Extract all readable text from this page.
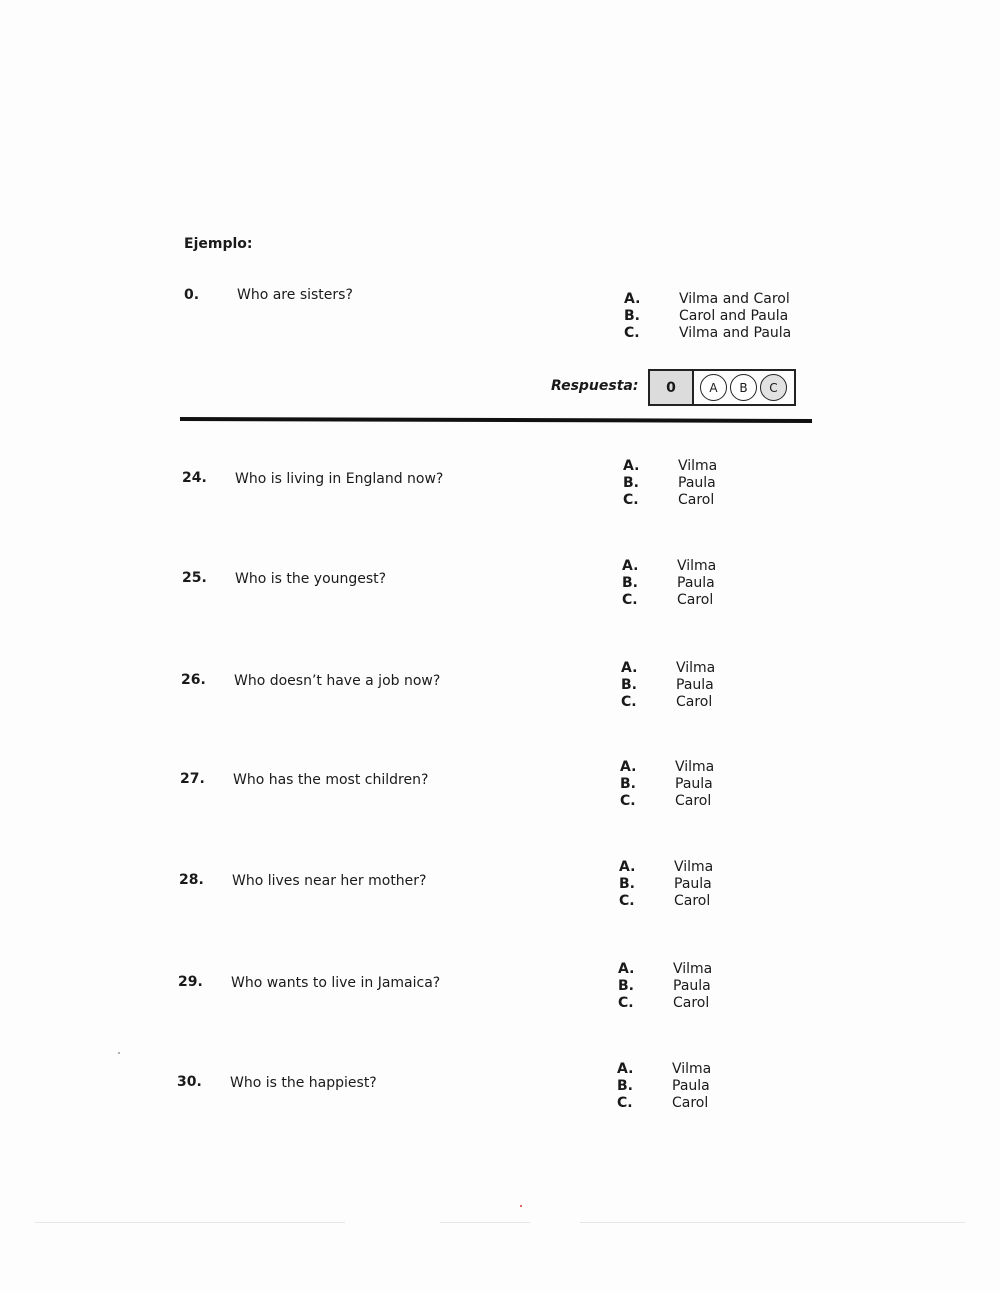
Ejemplo:
0.	Who are sisters?	A.	Vilma and Carol
B.	Carol and Paula
C.	Vilma and Paula
Respuesta:	0	A	B	C
24. Who is living in England now?
A.	Vilma
B.	Paula
C.	Carol
25. Who is the youngest?
A.	Vilma
B.	Paula
C.	Carol
26. Who doesn’t have a job now?
A.	Vilma
B.	Paula
C.	Carol
27. Who has the most children?
A.	Vilma
B.	Paula
C.	Carol
28. Who lives near her mother?
A.	Vilma
B.	Paula
C.	Carol
29. Who wants to live in Jamaica?
A.	Vilma
B.	Paula
C.	Carol
30. Who is the happiest?
A.	Vilma
B.	Paula
C.	Carol
